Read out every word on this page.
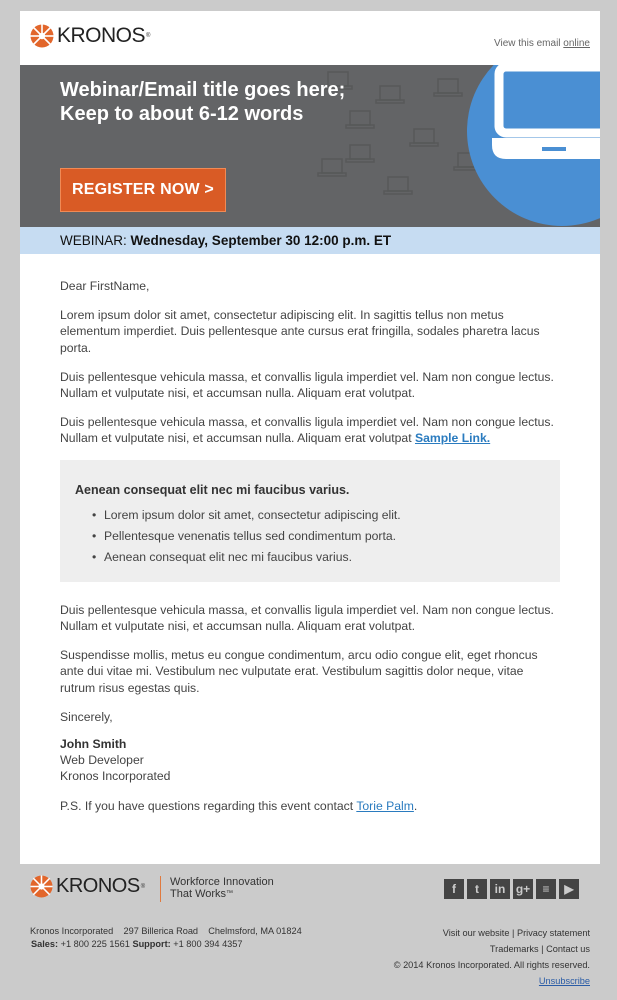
KRONOS ®
View this email online
Webinar/Email title goes here; Keep to about 6-12 words
REGISTER NOW >
WEBINAR: Wednesday, September 30 12:00 p.m. ET

Dear FirstName,

Lorem ipsum dolor sit amet, consectetur adipiscing elit. In sagittis tellus non metus elementum imperdiet. Duis pellentesque ante cursus erat fringilla, sodales pharetra lacus porta.

Duis pellentesque vehicula massa, et convallis ligula imperdiet vel. Nam non congue lectus. Nullam et vulputate nisi, et accumsan nulla. Aliquam erat volutpat.

Duis pellentesque vehicula massa, et convallis ligula imperdiet vel. Nam non congue lectus. Nullam et vulputate nisi, et accumsan nulla. Aliquam erat volutpat Sample Link.

Aenean consequat elit nec mi faucibus varius.
• Lorem ipsum dolor sit amet, consectetur adipiscing elit.
• Pellentesque venenatis tellus sed condimentum porta.
• Aenean consequat elit nec mi faucibus varius.

Duis pellentesque vehicula massa, et convallis ligula imperdiet vel. Nam non congue lectus. Nullam et vulputate nisi, et accumsan nulla. Aliquam erat volutpat.

Suspendisse mollis, metus eu congue condimentum, arcu odio congue elit, eget rhoncus ante dui vitae mi. Vestibulum nec vulputate erat. Vestibulum sagittis dolor neque, vitae rutrum risus egestas quis.

Sincerely,

John Smith
Web Developer
Kronos Incorporated

P.S. If you have questions regarding this event contact Torie Palm.

KRONOS ®	Workforce Innovation
That Works™	f	t	in g+	≡	▶
Kronos Incorporated 297 Billerica Road Chelmsford, MA 01824
Sales: +1 800 225 1561 Support: +1 800 394 4357
Visit our website | Privacy statement
Trademarks | Contact us
© 2014 Kronos Incorporated. All rights reserved.
Unsubscribe
